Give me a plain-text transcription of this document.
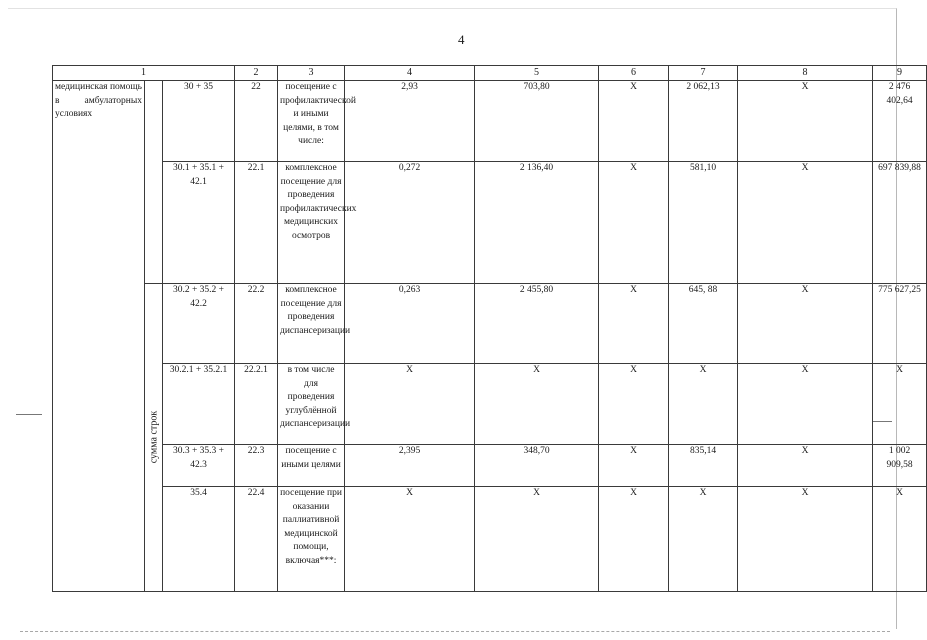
4
1			2	3	4	5	6	7	8	9	
медицинская помощь в амбулаторных условиях		30 + 35	22	посещение с профилактической и иными целями, в том числе:	2,93	703,80	Х	2 062,13	Х	2 476 402,64	
		30.1 + 35.1 + 42.1	22.1	комплексное посещение для проведения профилактических медицинских осмотров	0,272	2 136,40	Х	581,10	Х	697 839,88	

	сумма строк	30.2 + 35.2 + 42.2	22.2	комплексное посещение для проведения диспансеризации	0,263	2 455,80	Х	645, 88	Х	775 627,25	
		30.2.1 + 35.2.1	22.2.1	в том числе для проведения углублённой диспансеризации	Х	Х	Х	Х	Х	Х	
		30.3 + 35.3 + 42.3	22.3	посещение с иными целями	2,395	348,70	Х	835,14	Х	1 002 909,58	
		35.4	22.4	посещение при оказании паллиативной медицинской помощи, включая***:	Х	Х	Х	Х	Х	Х	
